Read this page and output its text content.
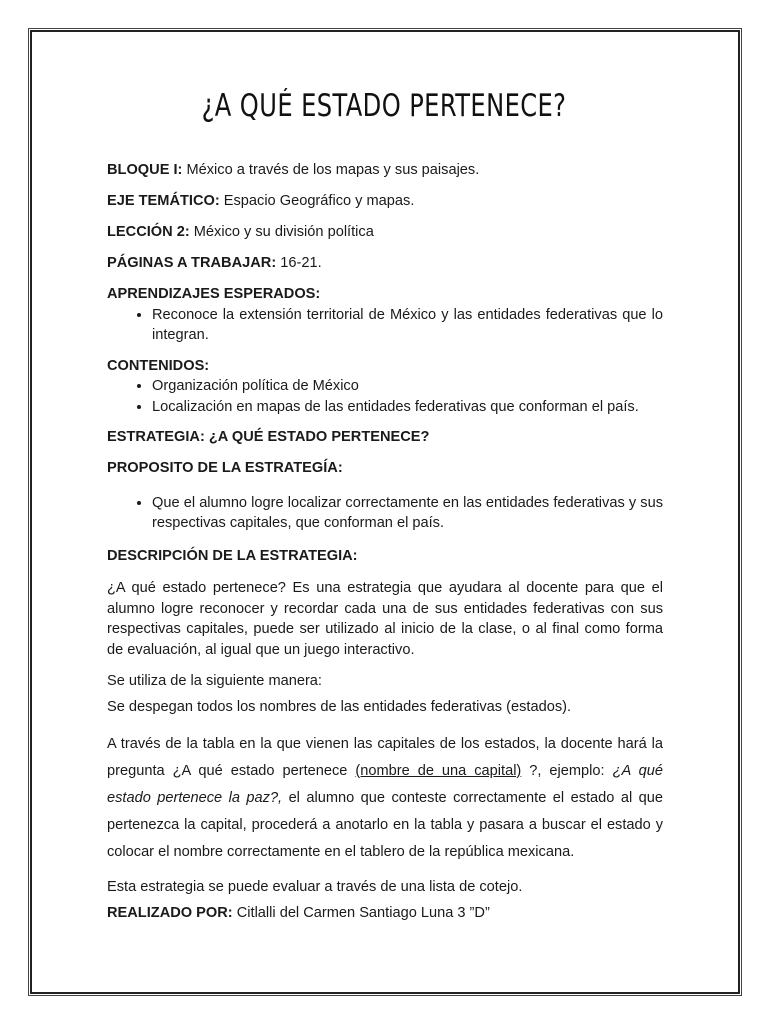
¿A QUÉ ESTADO PERTENECE?

BLOQUE I: México a través de los mapas y sus paisajes.

EJE TEMÁTICO: Espacio Geográfico y mapas.

LECCIÓN 2: México y su división política

PÁGINAS A TRABAJAR: 16-21.

APRENDIZAJES ESPERADOS:

• Reconoce la extensión territorial de México y las entidades federativas que lo integran.

CONTENIDOS:

• Organización política de México
• Localización en mapas de las entidades federativas que conforman el país.

ESTRATEGIA: ¿A QUÉ ESTADO PERTENECE?

PROPOSITO DE LA ESTRATEGÍA:

• Que el alumno logre localizar correctamente en las entidades federativas y sus respectivas capitales, que conforman el país.

DESCRIPCIÓN DE LA ESTRATEGIA:

¿A qué estado pertenece? Es una estrategia que ayudara al docente para que el alumno logre reconocer y recordar cada una de sus entidades federativas con sus respectivas capitales, puede ser utilizado al inicio de la clase, o al final como forma de evaluación, al igual que un juego interactivo.

Se utiliza de la siguiente manera:

Se despegan todos los nombres de las entidades federativas (estados).

A través de la tabla en la que vienen las capitales de los estados, la docente hará la pregunta ¿A qué estado pertenece (nombre de una capital) ?, ejemplo: ¿A qué estado pertenece la paz?, el alumno que conteste correctamente el estado al que pertenezca la capital, procederá a anotarlo en la tabla y pasara a buscar el estado y colocar el nombre correctamente en el tablero de la república mexicana.

Esta estrategia se puede evaluar a través de una lista de cotejo.

REALIZADO POR: Citlalli del Carmen Santiago Luna 3 ”D”
